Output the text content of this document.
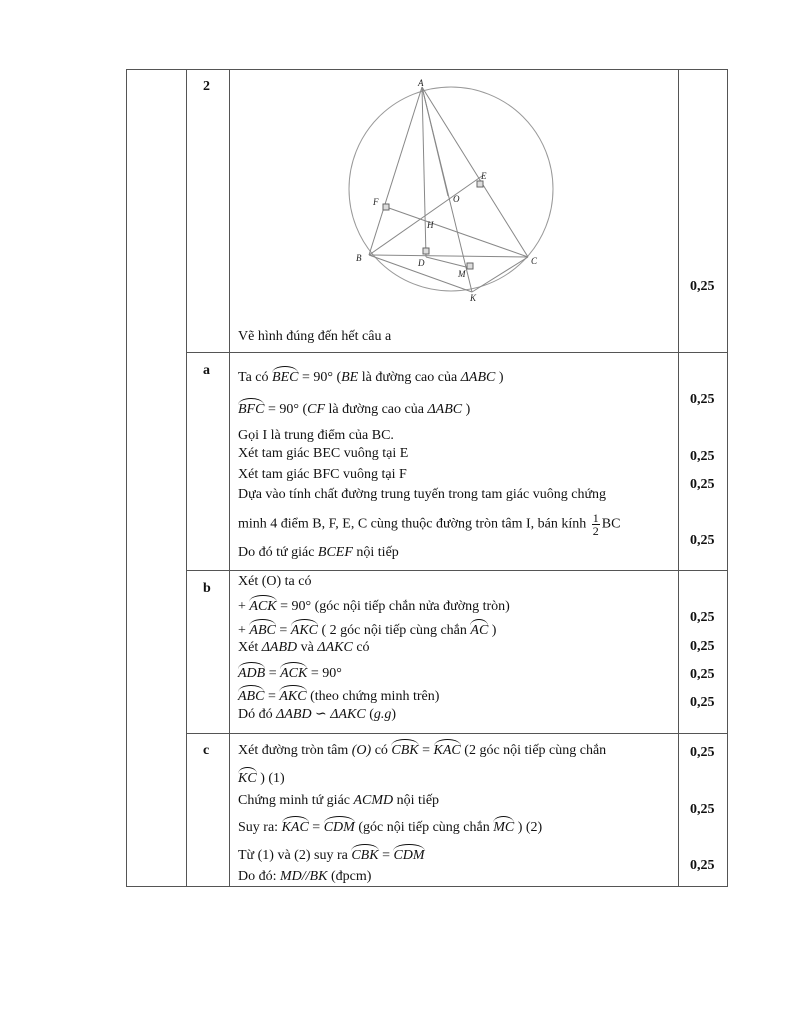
2	A
B	C
D
E
F
H
O
M
K
Vẽ hình đúng đến hết câu a
0,25
a Ta có BEC = 90° (BE là đường cao của ΔABC )
BFC = 90° (CF là đường cao của ΔABC )
Gọi I là trung điểm của BC.
Xét tam giác BEC vuông tại E
Xét tam giác BFC vuông tại F
Dựa vào tính chất đường trung tuyến trong tam giác vuông chứng
minh 4 điểm B, F, E, C cùng thuộc đường tròn tâm I, bán kính $\frac{1}{2}$ BC
Do đó tứ giác BCEF nội tiếp
0,25
0,25
0,25
0,25
b Xét (O) ta có
+ ACK = 90° (góc nội tiếp chắn nửa đường tròn)
+ ABC = AKC ( 2 góc nội tiếp cùng chắn AC )
Xét ΔABD và ΔAKC có
ADB = ACK = 90°
ABC = AKC (theo chứng minh trên)
Dó đó ΔABD ∽ ΔAKC (g.g)
0,25
0,25
0,25
0,25
c Xét đường tròn tâm (O) có CBK = KAC (2 góc nội tiếp cùng chắn
KC ) (1)
Chứng minh tứ giác ACMD nội tiếp
Suy ra: KAC = CDM (góc nội tiếp cùng chắn MC ) (2)
Từ (1) và (2) suy ra CBK = CDM
Do đó: MD//BK (đpcm)
0,25
0,25
0,25
